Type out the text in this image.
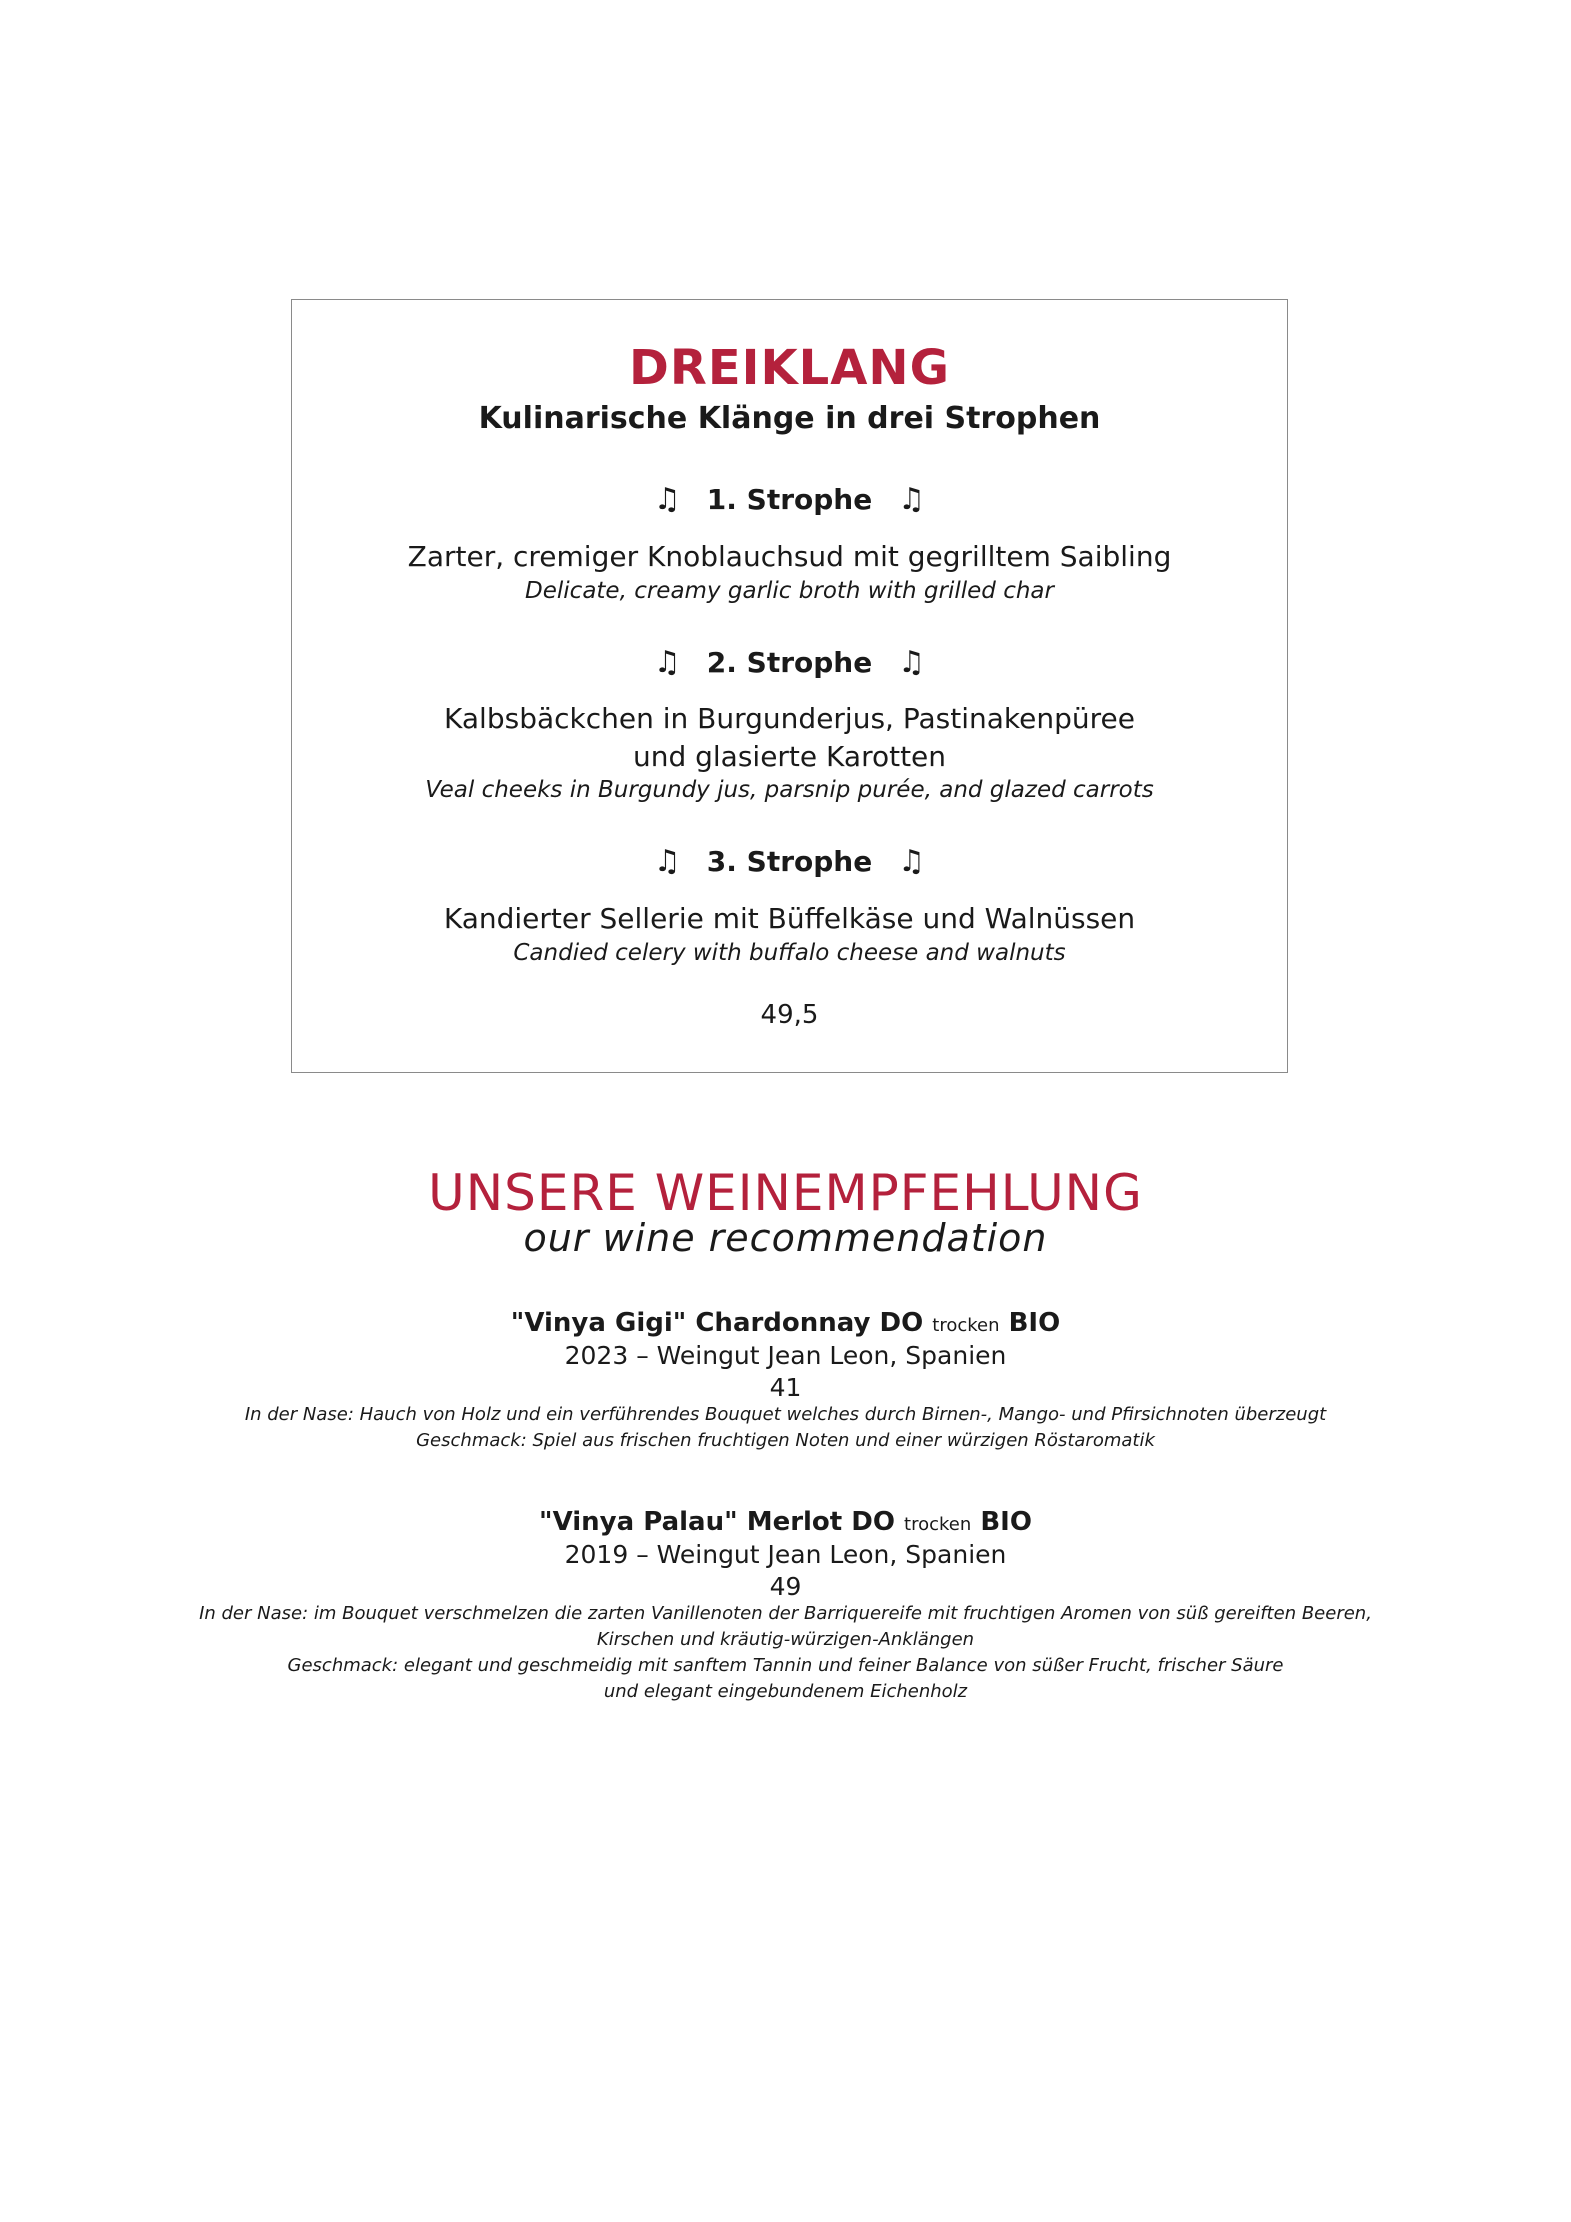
DREIKLANG
Kulinarische Klänge in drei Strophen
♫ 1. Strophe ♫
Zarter, cremiger Knoblauchsud mit gegrilltem Saibling
Delicate, creamy garlic broth with grilled char
♫ 2. Strophe ♫
Kalbsbäckchen in Burgunderjus, Pastinakenpüree
und glasierte Karotten
Veal cheeks in Burgundy jus, parsnip purée, and glazed carrots
♫ 3. Strophe ♫
Kandierter Sellerie mit Büffelkäse und Walnüssen
Candied celery with buffalo cheese and walnuts
49,5
UNSERE WEINEMPFEHLUNG
our wine recommendation
"Vinya Gigi" Chardonnay DO trocken BIO
2023 – Weingut Jean Leon, Spanien
41
In der Nase: Hauch von Holz und ein verführendes Bouquet welches durch Birnen-, Mango- und Pfirsichnoten überzeugt
Geschmack: Spiel aus frischen fruchtigen Noten und einer würzigen Röstaromatik
"Vinya Palau" Merlot DO trocken BIO
2019 – Weingut Jean Leon, Spanien
49
In der Nase: im Bouquet verschmelzen die zarten Vanillenoten der Barriquereife mit fruchtigen Aromen von süß gereiften Beeren,
Kirschen und kräutig-würzigen-Anklängen
Geschmack: elegant und geschmeidig mit sanftem Tannin und feiner Balance von süßer Frucht, frischer Säure
und elegant eingebundenem Eichenholz
